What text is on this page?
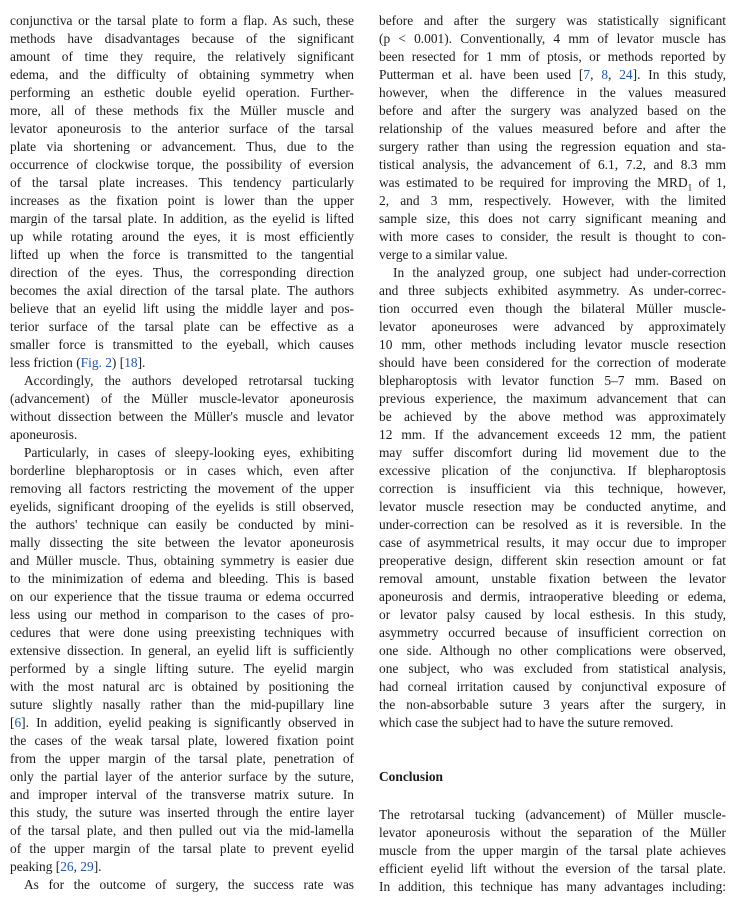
conjunctiva or the tarsal plate to form a flap. As such, these
methods have disadvantages because of the significant
amount of time they require, the relatively significant
edema, and the difficulty of obtaining symmetry when
performing an esthetic double eyelid operation. Further-
more, all of these methods fix the Müller muscle and
levator aponeurosis to the anterior surface of the tarsal
plate via shortening or advancement. Thus, due to the
occurrence of clockwise torque, the possibility of eversion
of the tarsal plate increases. This tendency particularly
increases as the fixation point is lower than the upper
margin of the tarsal plate. In addition, as the eyelid is lifted
up while rotating around the eyes, it is most efficiently
lifted up when the force is transmitted to the tangential
direction of the eyes. Thus, the corresponding direction
becomes the axial direction of the tarsal plate. The authors
believe that an eyelid lift using the middle layer and pos-
terior surface of the tarsal plate can be effective as a
smaller force is transmitted to the eyeball, which causes
less friction (Fig. 2) [18].
Accordingly, the authors developed retrotarsal tucking
(advancement) of the Müller muscle-levator aponeurosis
without dissection between the Müller's muscle and levator
aponeurosis.
Particularly, in cases of sleepy-looking eyes, exhibiting
borderline blepharoptosis or in cases which, even after
removing all factors restricting the movement of the upper
eyelids, significant drooping of the eyelids is still observed,
the authors' technique can easily be conducted by mini-
mally dissecting the site between the levator aponeurosis
and Müller muscle. Thus, obtaining symmetry is easier due
to the minimization of edema and bleeding. This is based
on our experience that the tissue trauma or edema occurred
less using our method in comparison to the cases of pro-
cedures that were done using preexisting techniques with
extensive dissection. In general, an eyelid lift is sufficiently
performed by a single lifting suture. The eyelid margin
with the most natural arc is obtained by positioning the
suture slightly nasally rather than the mid-pupillary line
[6]. In addition, eyelid peaking is significantly observed in
the cases of the weak tarsal plate, lowered fixation point
from the upper margin of the tarsal plate, penetration of
only the partial layer of the anterior surface by the suture,
and improper interval of the transverse matrix suture. In
this study, the suture was inserted through the entire layer
of the tarsal plate, and then pulled out via the mid-lamella
of the upper margin of the tarsal plate to prevent eyelid
peaking [26, 29].
As for the outcome of surgery, the success rate was
before and after the surgery was statistically significant
(p < 0.001). Conventionally, 4 mm of levator muscle has
been resected for 1 mm of ptosis, or methods reported by
Putterman et al. have been used [7, 8, 24]. In this study,
however, when the difference in the values measured
before and after the surgery was analyzed based on the
relationship of the values measured before and after the
surgery rather than using the regression equation and sta-
tistical analysis, the advancement of 6.1, 7.2, and 8.3 mm
was estimated to be required for improving the $MRD_1$ of 1,
2, and 3 mm, respectively. However, with the limited
sample size, this does not carry significant meaning and
with more cases to consider, the result is thought to con-
verge to a similar value.
In the analyzed group, one subject had under-correction
and three subjects exhibited asymmetry. As under-correc-
tion occurred even though the bilateral Müller muscle-
levator aponeuroses were advanced by approximately
10 mm, other methods including levator muscle resection
should have been considered for the correction of moderate
blepharoptosis with levator function 5–7 mm. Based on
previous experience, the maximum advancement that can
be achieved by the above method was approximately
12 mm. If the advancement exceeds 12 mm, the patient
may suffer discomfort during lid movement due to the
excessive plication of the conjunctiva. If blepharoptosis
correction is insufficient via this technique, however,
levator muscle resection may be conducted anytime, and
under-correction can be resolved as it is reversible. In the
case of asymmetrical results, it may occur due to improper
preoperative design, different skin resection amount or fat
removal amount, unstable fixation between the levator
aponeurosis and dermis, intraoperative bleeding or edema,
or levator palsy caused by local esthesis. In this study,
asymmetry occurred because of insufficient correction on
one side. Although no other complications were observed,
one subject, who was excluded from statistical analysis,
had corneal irritation caused by conjunctival exposure of
the non-absorbable suture 3 years after the surgery, in
which case the subject had to have the suture removed.
Conclusion
The retrotarsal tucking (advancement) of Müller muscle-
levator aponeurosis without the separation of the Müller
muscle from the upper margin of the tarsal plate achieves
efficient eyelid lift without the eversion of the tarsal plate.
In addition, this technique has many advantages including:
